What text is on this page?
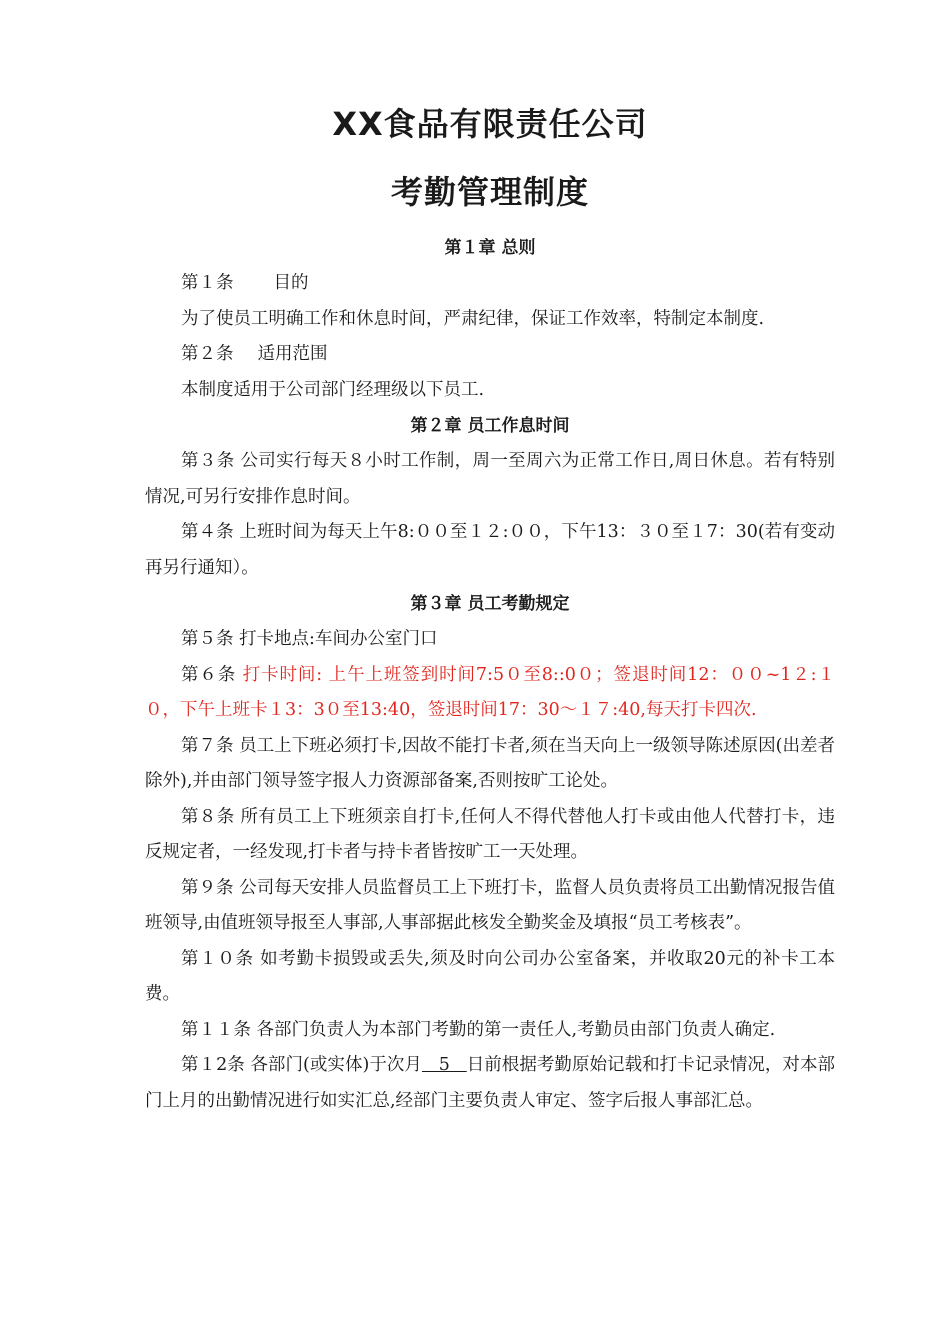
XX食品有限责任公司
考勤管理制度
第１章 总则

第１条 目的

为了使员工明确工作和休息时间，严肃纪律，保证工作效率，特制定本制度.

第２条 适用范围

本制度适用于公司部门经理级以下员工.

第２章 员工作息时间

第３条 公司实行每天８小时工作制，周一至周六为正常工作日,周日休息。若有特别情况,可另行安排作息时间。

第４条 上班时间为每天上午8:００至１２:００，下午13：３０至１7：30(若有变动再另行通知）。

第３章 员工考勤规定

第５条 打卡地点:车间办公室门口

第６条 打卡时间: 上午上班签到时间7:5０至8::0０；签退时间12：００~1２:１０，下午上班卡１3：3０至13:40，签退时间17：30～１７:40,每天打卡四次.

第７条 员工上下班必须打卡,因故不能打卡者,须在当天向上一级领导陈述原因(出差者除外),并由部门领导签字报人力资源部备案,否则按旷工论处。

第８条 所有员工上下班须亲自打卡,任何人不得代替他人打卡或由他人代替打卡，违反规定者，一经发现,打卡者与持卡者皆按旷工一天处理。

第９条 公司每天安排人员监督员工上下班打卡，监督人员负责将员工出勤情况报告值班领导,由值班领导报至人事部,人事部据此核发全勤奖金及填报“员工考核表”。

第１０条 如考勤卡损毁或丢失,须及时向公司办公室备案，并收取20元的补卡工本费。

第１１条 各部门负责人为本部门考勤的第一责任人,考勤员由部门负责人确定.

第１2条 各部门(或实体)于次月   5   日前根据考勤原始记载和打卡记录情况，对本部门上月的出勤情况进行如实汇总,经部门主要负责人审定、签字后报人事部汇总。
